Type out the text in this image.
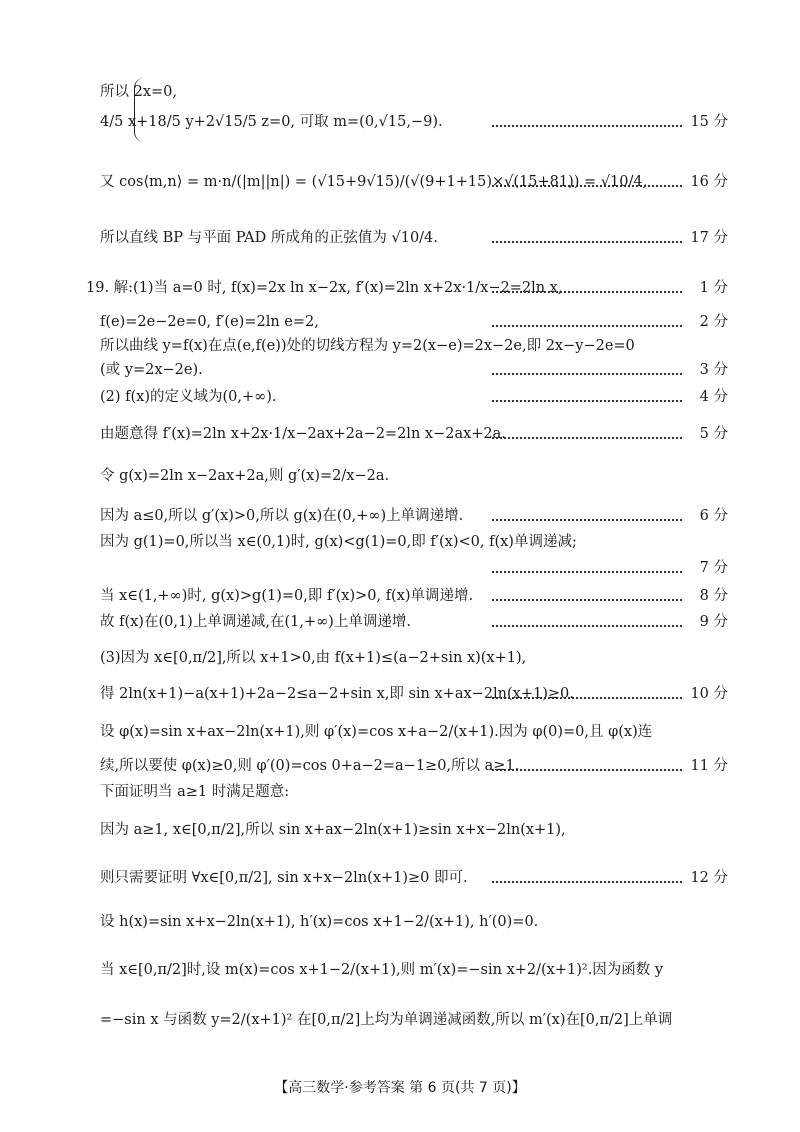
所以 2x=0,
4/5 x+18/5 y+2√15/5 z=0, 可取 m=(0,√15,−9).	15 分
又 cos⟨m,n⟩ = m·n/(|m||n|) = (√15+9√15)/(√(9+1+15)×√(15+81)) = √10/4,	16 分
所以直线 BP 与平面 PAD 所成角的正弦值为 √10/4.	17 分
19. 解:(1)当 a=0 时, f(x)=2x ln x−2x, f′(x)=2ln x+2x·1/x−2=2ln x,	1 分
f(e)=2e−2e=0, f′(e)=2ln e=2,	2 分
所以曲线 y=f(x)在点(e,f(e))处的切线方程为 y=2(x−e)=2x−2e,即 2x−y−2e=0
(或 y=2x−2e).	3 分
(2) f(x)的定义域为(0,+∞).	4 分
由题意得 f′(x)=2ln x+2x·1/x−2ax+2a−2=2ln x−2ax+2a.	5 分
令 g(x)=2ln x−2ax+2a,则 g′(x)=2/x−2a.
因为 a≤0,所以 g′(x)>0,所以 g(x)在(0,+∞)上单调递增.	6 分
因为 g(1)=0,所以当 x∈(0,1)时, g(x)<g(1)=0,即 f′(x)<0, f(x)单调递减;
7 分
当 x∈(1,+∞)时, g(x)>g(1)=0,即 f′(x)>0, f(x)单调递增.	8 分
故 f(x)在(0,1)上单调递减,在(1,+∞)上单调递增.	9 分
(3)因为 x∈[0,π/2],所以 x+1>0,由 f(x+1)≤(a−2+sin x)(x+1),
得 2ln(x+1)−a(x+1)+2a−2≤a−2+sin x,即 sin x+ax−2ln(x+1)≥0.	10 分
设 φ(x)=sin x+ax−2ln(x+1),则 φ′(x)=cos x+a−2/(x+1).因为 φ(0)=0,且 φ(x)连
续,所以要使 φ(x)≥0,则 φ′(0)=cos 0+a−2=a−1≥0,所以 a≥1.	11 分
下面证明当 a≥1 时满足题意:
因为 a≥1, x∈[0,π/2],所以 sin x+ax−2ln(x+1)≥sin x+x−2ln(x+1),
则只需要证明 ∀x∈[0,π/2], sin x+x−2ln(x+1)≥0 即可.	12 分
设 h(x)=sin x+x−2ln(x+1), h′(x)=cos x+1−2/(x+1), h′(0)=0.
当 x∈[0,π/2]时,设 m(x)=cos x+1−2/(x+1),则 m′(x)=−sin x+2/(x+1)².因为函数 y
=−sin x 与函数 y=2/(x+1)² 在[0,π/2]上均为单调递减函数,所以 m′(x)在[0,π/2]上单调
【高三数学·参考答案 第 6 页(共 7 页)】
